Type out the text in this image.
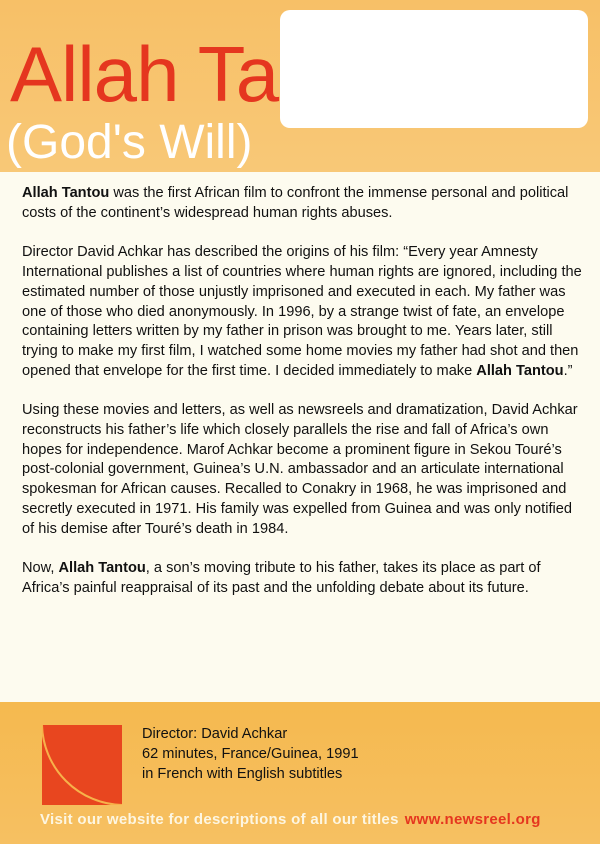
Allah Ta
(God's Will)

Allah Tantou was the first African film to confront the immense personal and political costs of the continent’s widespread human rights abuses.

Director David Achkar has described the origins of his film: “Every year Amnesty International publishes a list of countries where human rights are ignored, including the estimated number of those unjustly imprisoned and executed in each. My father was one of those who died anonymously. In 1996, by a strange twist of fate, an envelope containing letters written by my father in prison was brought to me. Years later, still trying to make my first film, I watched some home movies my father had shot and then opened that envelope for the first time. I decided immediately to make Allah Tantou.”

Using these movies and letters, as well as newsreels and dramatization, David Achkar reconstructs his father’s life which closely parallels the rise and fall of Africa’s own hopes for independence. Marof Achkar become a prominent figure in Sekou Touré’s post-colonial government, Guinea’s U.N. ambassador and an articulate international spokesman for African causes. Recalled to Conakry in 1968, he was imprisoned and secretly executed in 1971. His family was expelled from Guinea and was only notified of his demise after Touré’s death in 1984.

Now, Allah Tantou, a son’s moving tribute to his father, takes its place as part of Africa’s painful reappraisal of its past and the unfolding debate about its future.

Director: David Achkar
62 minutes, France/Guinea, 1991
in French with English subtitles
Visit our website for descriptions of all our titles www.newsreel.org
